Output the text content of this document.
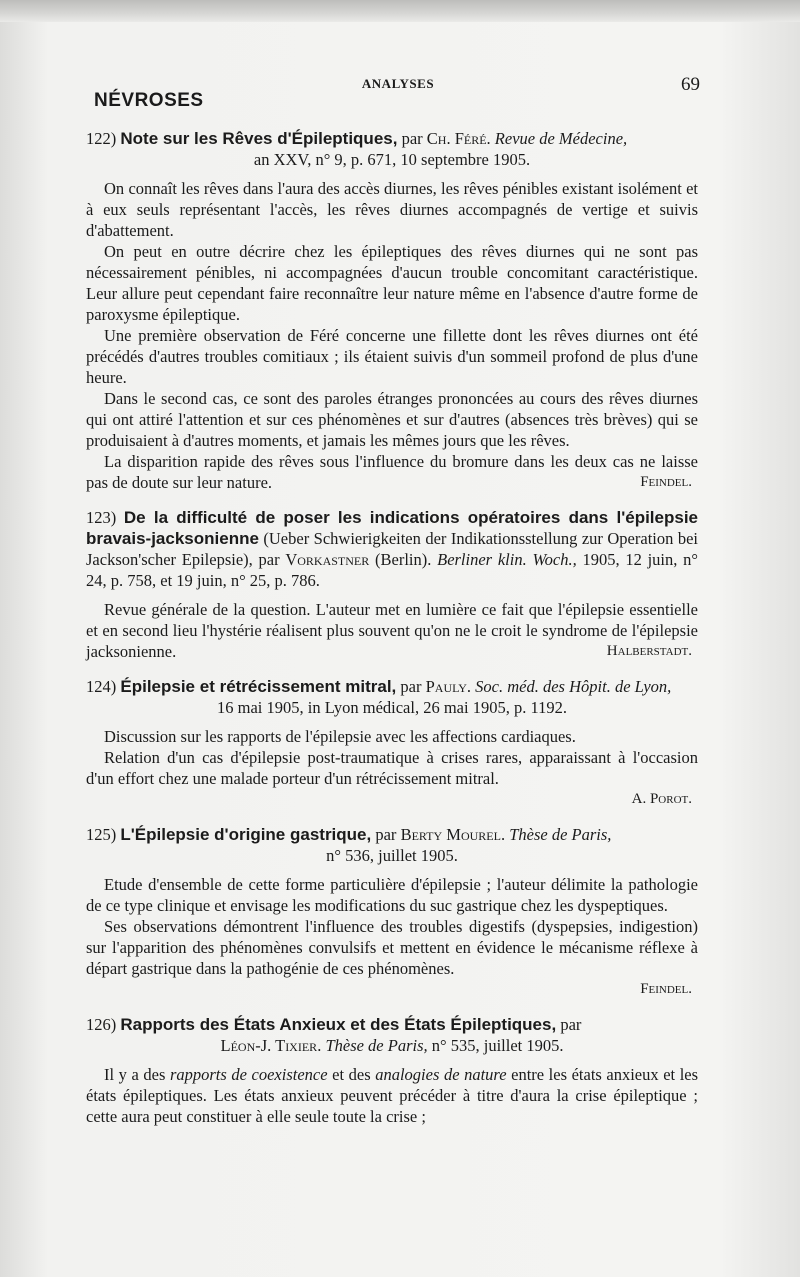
ANALYSES	69
NÉVROSES

122) Note sur les Rêves d'Épileptiques, par Ch. Féré. Revue de Médecine,
an XXV, n° 9, p. 671, 10 septembre 1905.

On connaît les rêves dans l'aura des accès diurnes, les rêves pénibles existant isolément et à eux seuls représentant l'accès, les rêves diurnes accompagnés de vertige et suivis d'abattement.

On peut en outre décrire chez les épileptiques des rêves diurnes qui ne sont pas nécessairement pénibles, ni accompagnées d'aucun trouble concomitant caractéristique. Leur allure peut cependant faire reconnaître leur nature même en l'absence d'autre forme de paroxysme épileptique.

Une première observation de Féré concerne une fillette dont les rêves diurnes ont été précédés d'autres troubles comitiaux ; ils étaient suivis d'un sommeil profond de plus d'une heure.

Dans le second cas, ce sont des paroles étranges prononcées au cours des rêves diurnes qui ont attiré l'attention et sur ces phénomènes et sur d'autres (absences très brèves) qui se produisaient à d'autres moments, et jamais les mêmes jours que les rêves.

La disparition rapide des rêves sous l'influence du bromure dans les deux cas ne laisse pas de doute sur leur nature.	Feindel.

123) De la difficulté de poser les indications opératoires dans l'épilepsie bravais-jacksonienne (Ueber Schwierigkeiten der Indikationsstellung zur Operation bei Jackson'scher Epilepsie), par Vorkastner (Berlin). Berliner klin. Woch., 1905, 12 juin, n° 24, p. 758, et 19 juin, n° 25, p. 786.

Revue générale de la question. L'auteur met en lumière ce fait que l'épilepsie essentielle et en second lieu l'hystérie réalisent plus souvent qu'on ne le croit le syndrome de l'épilepsie jacksonienne.	Halberstadt.

124) Épilepsie et rétrécissement mitral, par Pauly. Soc. méd. des Hôpit. de Lyon,
16 mai 1905, in Lyon médical, 26 mai 1905, p. 1192.

Discussion sur les rapports de l'épilepsie avec les affections cardiaques.

Relation d'un cas d'épilepsie post-traumatique à crises rares, apparaissant à l'occasion d'un effort chez une malade porteur d'un rétrécissement mitral.

A. Porot.

125) L'Épilepsie d'origine gastrique, par Berty Mourel. Thèse de Paris,
n° 536, juillet 1905.

Etude d'ensemble de cette forme particulière d'épilepsie ; l'auteur délimite la pathologie de ce type clinique et envisage les modifications du suc gastrique chez les dyspeptiques.

Ses observations démontrent l'influence des troubles digestifs (dyspepsies, indigestion) sur l'apparition des phénomènes convulsifs et mettent en évidence le mécanisme réflexe à départ gastrique dans la pathogénie de ces phénomènes.

Feindel.

126) Rapports des États Anxieux et des États Épileptiques, par
Léon-J. Tixier. Thèse de Paris, n° 535, juillet 1905.

Il y a des rapports de coexistence et des analogies de nature entre les états anxieux et les états épileptiques. Les états anxieux peuvent précéder à titre d'aura la crise épileptique ; cette aura peut constituer à elle seule toute la crise ;
